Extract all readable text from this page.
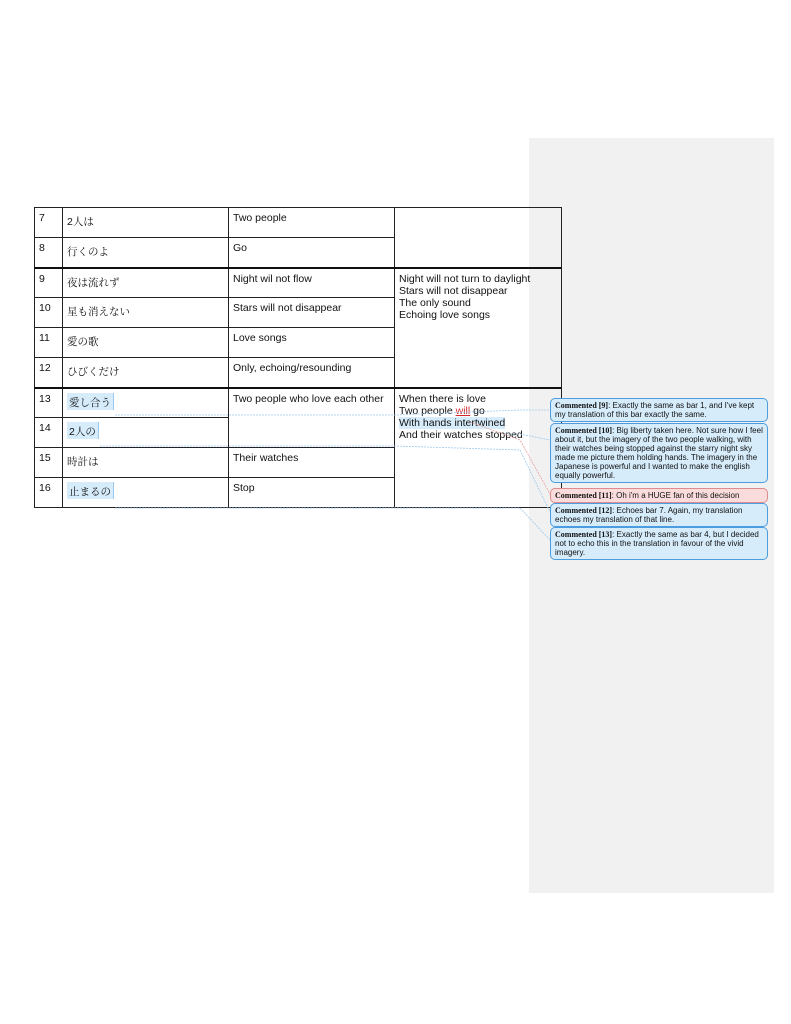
7	2人は	Two people	
8	行くのよ	Go	
9	夜は流れず	Night wil not flow	Night will not turn to daylight
Stars will not disappear
The only sound
Echoing love songs
10	星も消えない	Stars will not disappear	
11	愛の歌	Love songs	
12	ひびくだけ	Only, echoing/resounding	
13	愛し合う	Two people who love each other	When there is love
Two people will go
With hands intertwined
And their watches stopped
14	2人の		
15	時計は	Their watches	
16	止まるの	Stop	
Commented [9]: Exactly the same as bar 1, and I've kept my translation of this bar exactly the same.
Commented [10]: Big liberty taken here. Not sure how I feel about it, but the imagery of the two people walking, with their watches being stopped against the starry night sky made me picture them holding hands. The imagery in the Japanese is powerful and I wanted to make the english equally powerful.
Commented [11]: Oh i'm a HUGE fan of this decision
Commented [12]: Echoes bar 7. Again, my translation echoes my translation of that line.
Commented [13]: Exactly the same as bar 4, but I decided not to echo this in the translation in favour of the vivid imagery.
